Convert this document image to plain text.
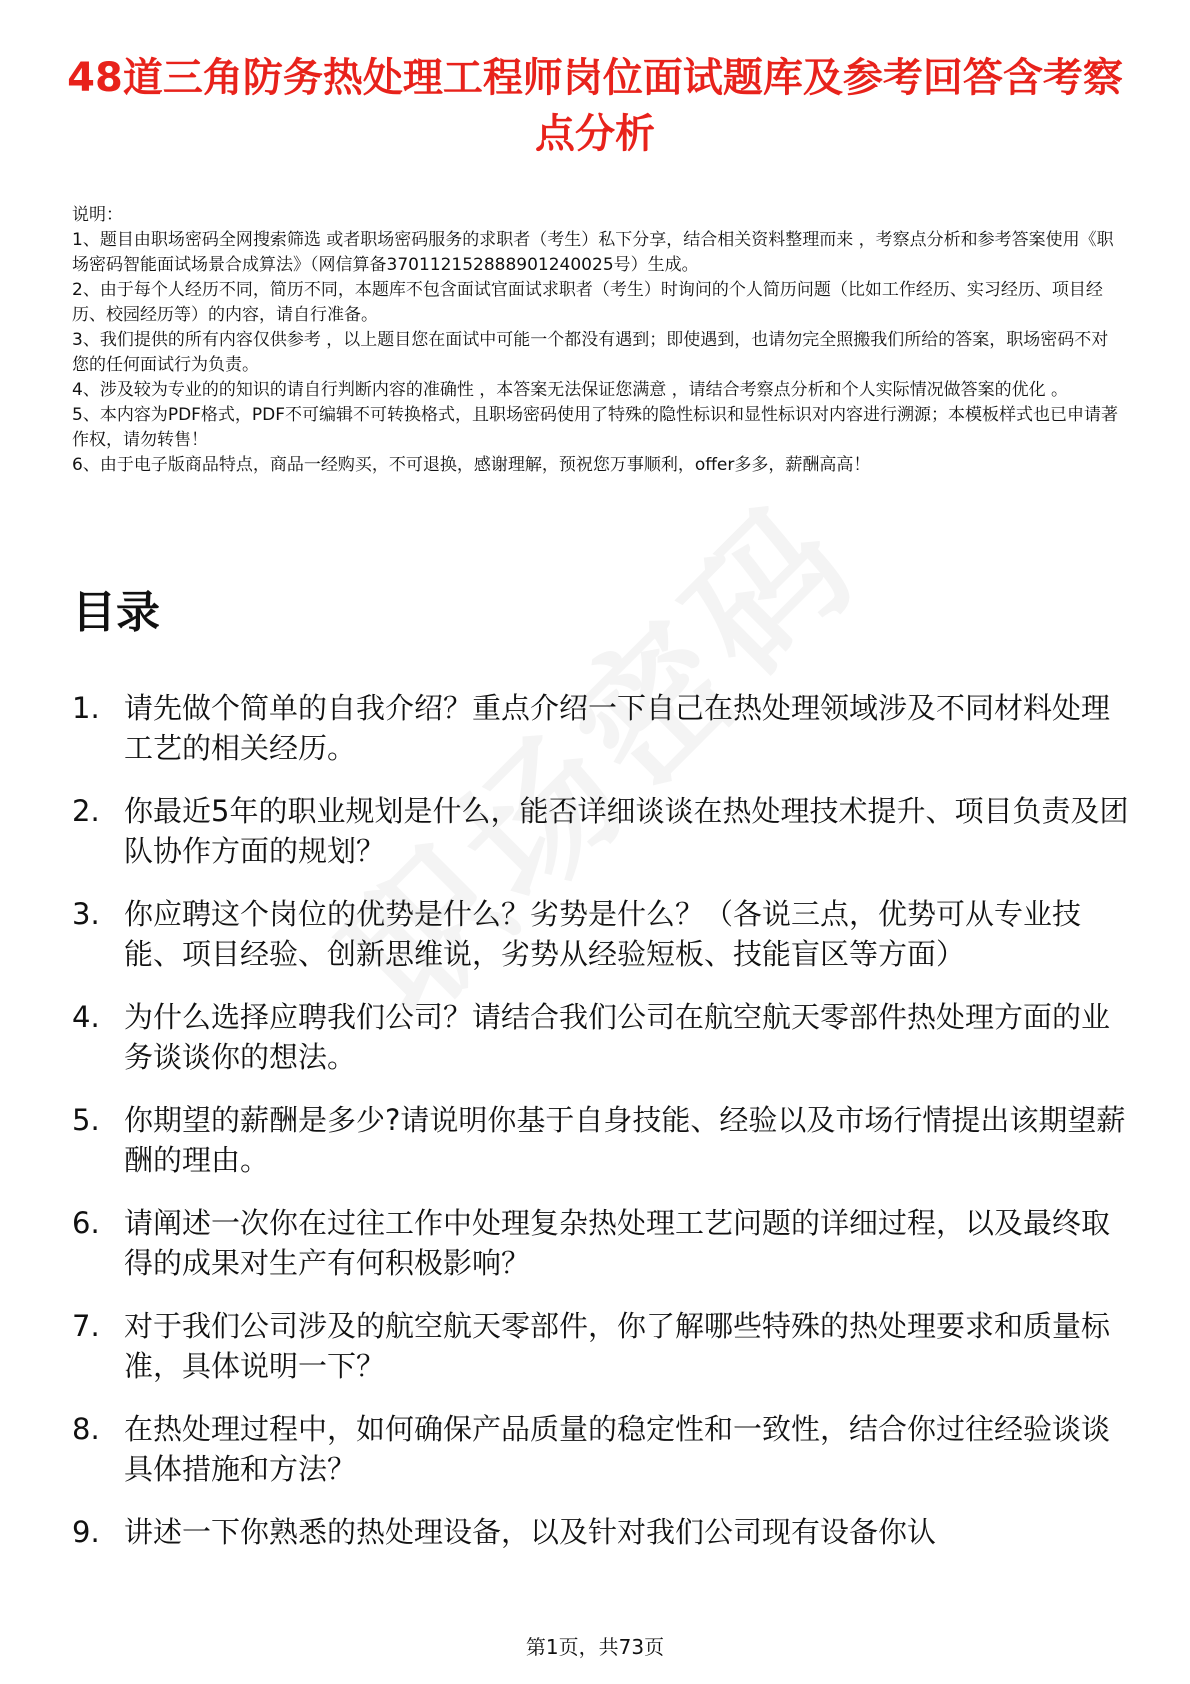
48道三角防务热处理工程师岗位面试题库及参考回答含考察点分析

说明：

1、题目由职场密码全网搜索筛选 或者职场密码服务的求职者（考生）私下分享，结合相关资料整理而来 ，考察点分析和参考答案使用《职场密码智能面试场景合成算法》（网信算备370112152888901240025号）生成。

2、由于每个人经历不同，简历不同，本题库不包含面试官面试求职者（考生）时询问的个人简历问题（比如工作经历、实习经历、项目经历、校园经历等）的内容，请自行准备。

3、我们提供的所有内容仅供参考 ，以上题目您在面试中可能一个都没有遇到；即使遇到，也请勿完全照搬我们所给的答案，职场密码不对您的任何面试行为负责。

4、涉及较为专业的的知识的请自行判断内容的准确性 ，本答案无法保证您满意 ，请结合考察点分析和个人实际情况做答案的优化 。

5、本内容为PDF格式，PDF不可编辑不可转换格式，且职场密码使用了特殊的隐性标识和显性标识对内容进行溯源；本模板样式也已申请著作权，请勿转售！

6、由于电子版商品特点，商品一经购买，不可退换，感谢理解，预祝您万事顺利，offer多多，薪酬高高！

目录
1. 请先做个简单的自我介绍？重点介绍一下自己在热处理领域涉及不同材料处理工艺的相关经历。
2. 你最近5年的职业规划是什么，能否详细谈谈在热处理技术提升、项目负责及团队协作方面的规划？
3. 你应聘这个岗位的优势是什么？劣势是什么？（各说三点，优势可从专业技能、项目经验、创新思维说，劣势从经验短板、技能盲区等方面）
4. 为什么选择应聘我们公司？请结合我们公司在航空航天零部件热处理方面的业务谈谈你的想法。
5. 你期望的薪酬是多少?请说明你基于自身技能、经验以及市场行情提出该期望薪酬的理由。
6. 请阐述一次你在过往工作中处理复杂热处理工艺问题的详细过程，以及最终取得的成果对生产有何积极影响？
7. 对于我们公司涉及的航空航天零部件，你了解哪些特殊的热处理要求和质量标准，具体说明一下？
8. 在热处理过程中，如何确保产品质量的稳定性和一致性，结合你过往经验谈谈具体措施和方法？
9. 讲述一下你熟悉的热处理设备，以及针对我们公司现有设备你认
第1页，共73页
